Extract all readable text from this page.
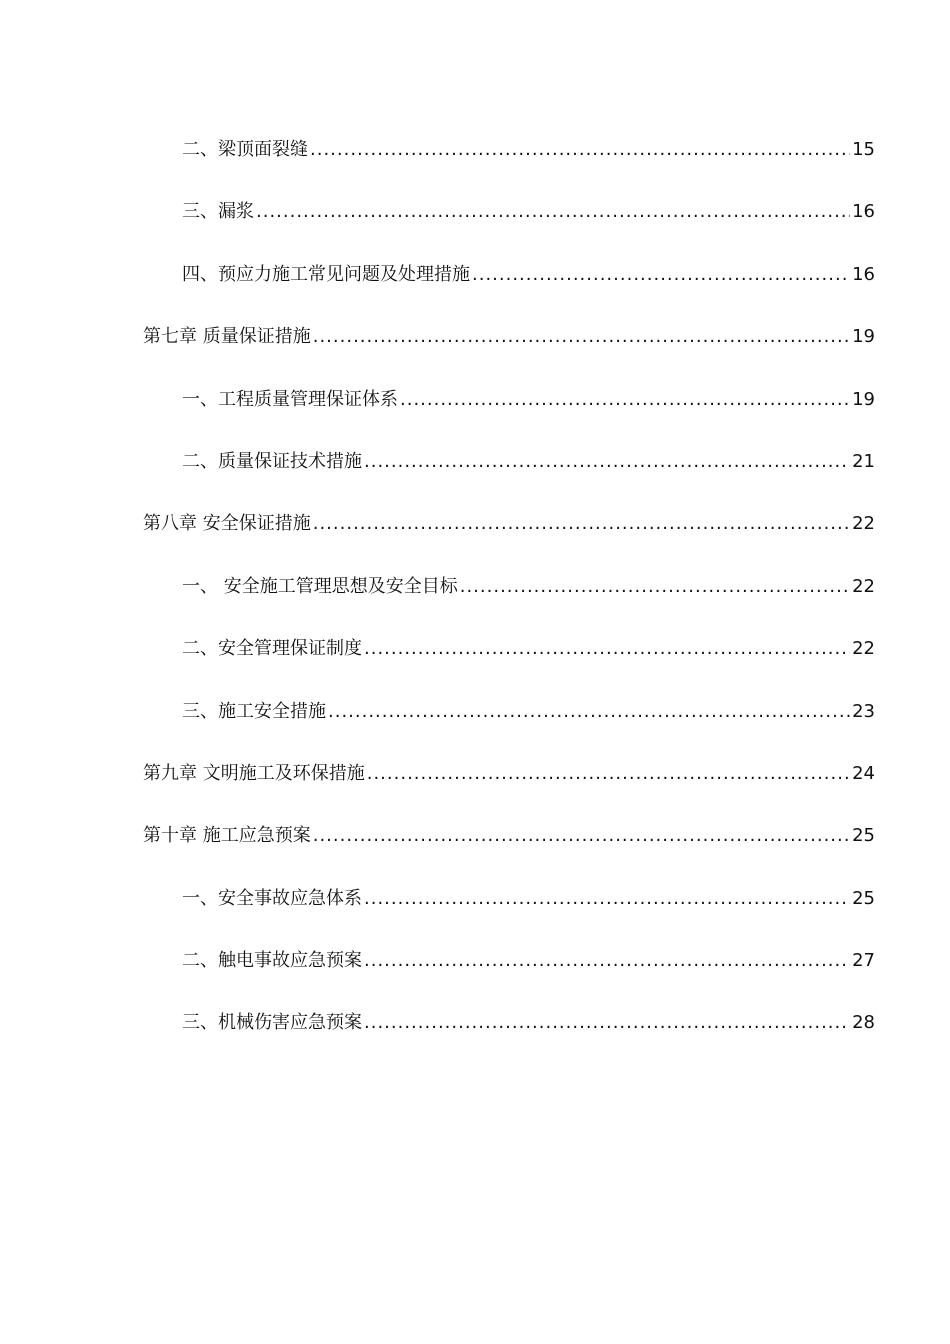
二、梁顶面裂缝 .....	15
三、漏浆 .....	16
四、预应力施工常见问题及处理措施 .....	16
第七章 质量保证措施 .....	19
一、工程质量管理保证体系 .....	19
二、质量保证技术措施 .....	21
第八章 安全保证措施 .....	22
一、 安全施工管理思想及安全目标 .....	22
二、安全管理保证制度 .....	22
三、施工安全措施 .....	23
第九章 文明施工及环保措施 .....	24
第十章 施工应急预案 .....	25
一、安全事故应急体系 .....	25
二、触电事故应急预案 .....	27
三、机械伤害应急预案 .....	28
